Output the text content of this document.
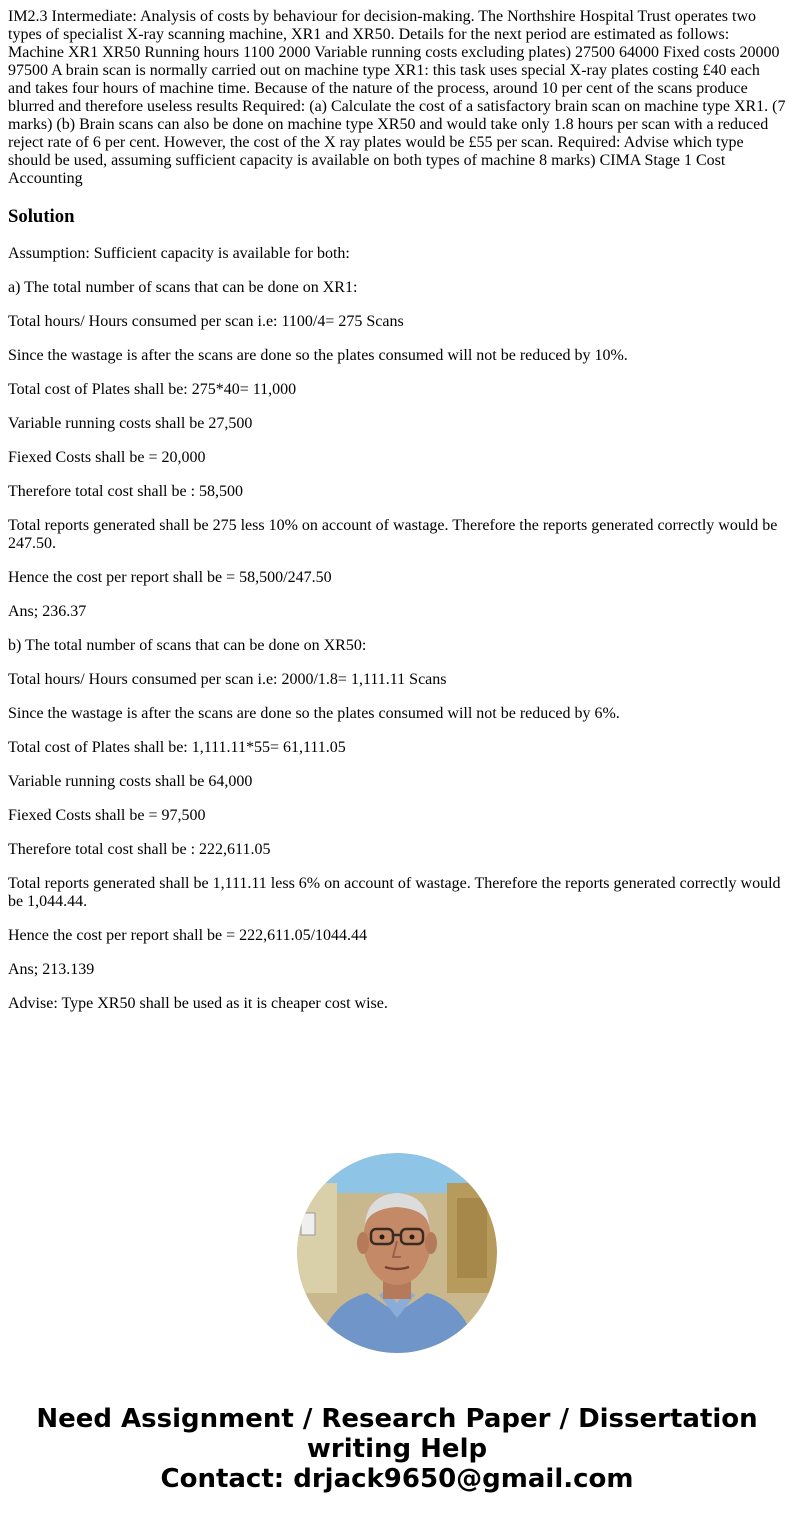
IM2.3 Intermediate: Analysis of costs by behaviour for decision-making. The Northshire Hospital Trust operates two types of specialist X-ray scanning machine, XR1 and XR50. Details for the next period are estimated as follows: Machine XR1 XR50 Running hours 1100 2000 Variable running costs excluding plates) 27500 64000 Fixed costs 20000 97500 A brain scan is normally carried out on machine type XR1: this task uses special X-ray plates costing £40 each and takes four hours of machine time. Because of the nature of the process, around 10 per cent of the scans produce blurred and therefore useless results Required: (a) Calculate the cost of a satisfactory brain scan on machine type XR1. (7 marks) (b) Brain scans can also be done on machine type XR50 and would take only 1.8 hours per scan with a reduced reject rate of 6 per cent. However, the cost of the X ray plates would be £55 per scan. Required: Advise which type should be used, assuming sufficient capacity is available on both types of machine 8 marks) CIMA Stage 1 Cost Accounting
Solution

Assumption: Sufficient capacity is available for both:

a) The total number of scans that can be done on XR1:

Total hours/ Hours consumed per scan i.e: 1100/4= 275 Scans

Since the wastage is after the scans are done so the plates consumed will not be reduced by 10%.

Total cost of Plates shall be: 275*40= 11,000

Variable running costs shall be 27,500

Fiexed Costs shall be = 20,000

Therefore total cost shall be : 58,500

Total reports generated shall be 275 less 10% on account of wastage. Therefore the reports generated correctly would be 247.50.

Hence the cost per report shall be = 58,500/247.50

Ans; 236.37

b) The total number of scans that can be done on XR50:

Total hours/ Hours consumed per scan i.e: 2000/1.8= 1,111.11 Scans

Since the wastage is after the scans are done so the plates consumed will not be reduced by 6%.

Total cost of Plates shall be: 1,111.11*55= 61,111.05

Variable running costs shall be 64,000

Fiexed Costs shall be = 97,500

Therefore total cost shall be : 222,611.05

Total reports generated shall be 1,111.11 less 6% on account of wastage. Therefore the reports generated correctly would be 1,044.44.

Hence the cost per report shall be = 222,611.05/1044.44

Ans; 213.139

Advise: Type XR50 shall be used as it is cheaper cost wise.

Need Assignment / Research Paper / Dissertation
writing Help
Contact: drjack9650@gmail.com
